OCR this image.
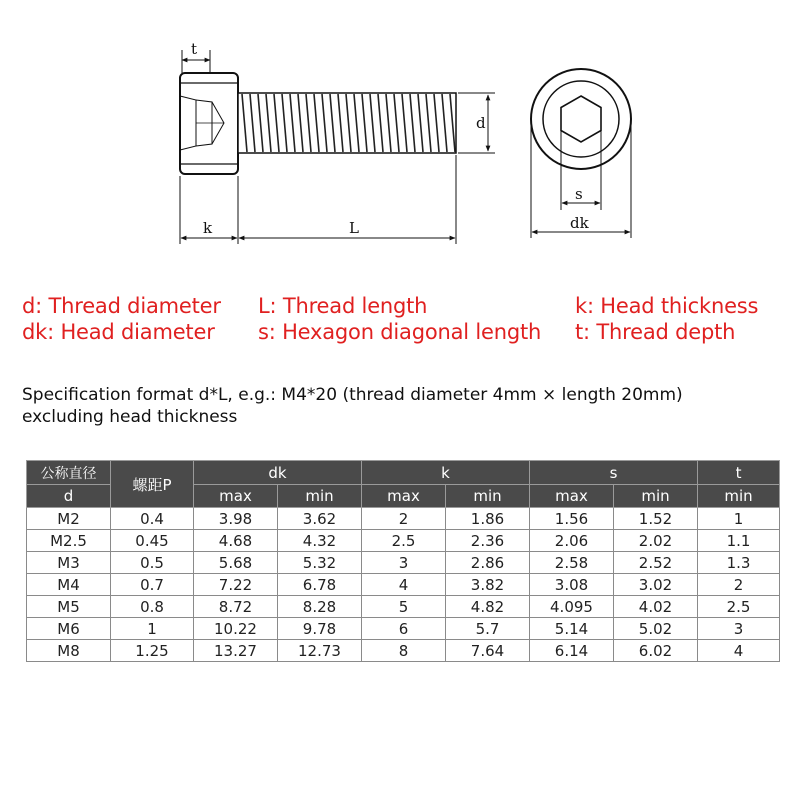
t
d
k	L
s
dk
d: Thread diameter L: Thread length	k: Head thickness
dk: Head diameter s: Hexagon diagonal length t: Thread depth
Specification format d*L, e.g.: M4*20 (thread diameter 4mm × length 20mm)
excluding head thickness
公称直径	螺距P	dk		k		s		t
d		max	min	max	min	max	min	min
M2	0.4	3.98	3.62	2	1.86	1.56	1.52	1
M2.5	0.45	4.68	4.32	2.5	2.36	2.06	2.02	1.1
M3	0.5	5.68	5.32	3	2.86	2.58	2.52	1.3
M4	0.7	7.22	6.78	4	3.82	3.08	3.02	2
M5	0.8	8.72	8.28	5	4.82	4.095	4.02	2.5
M6	1	10.22	9.78	6	5.7	5.14	5.02	3
M8	1.25	13.27	12.73	8	7.64	6.14	6.02	4
